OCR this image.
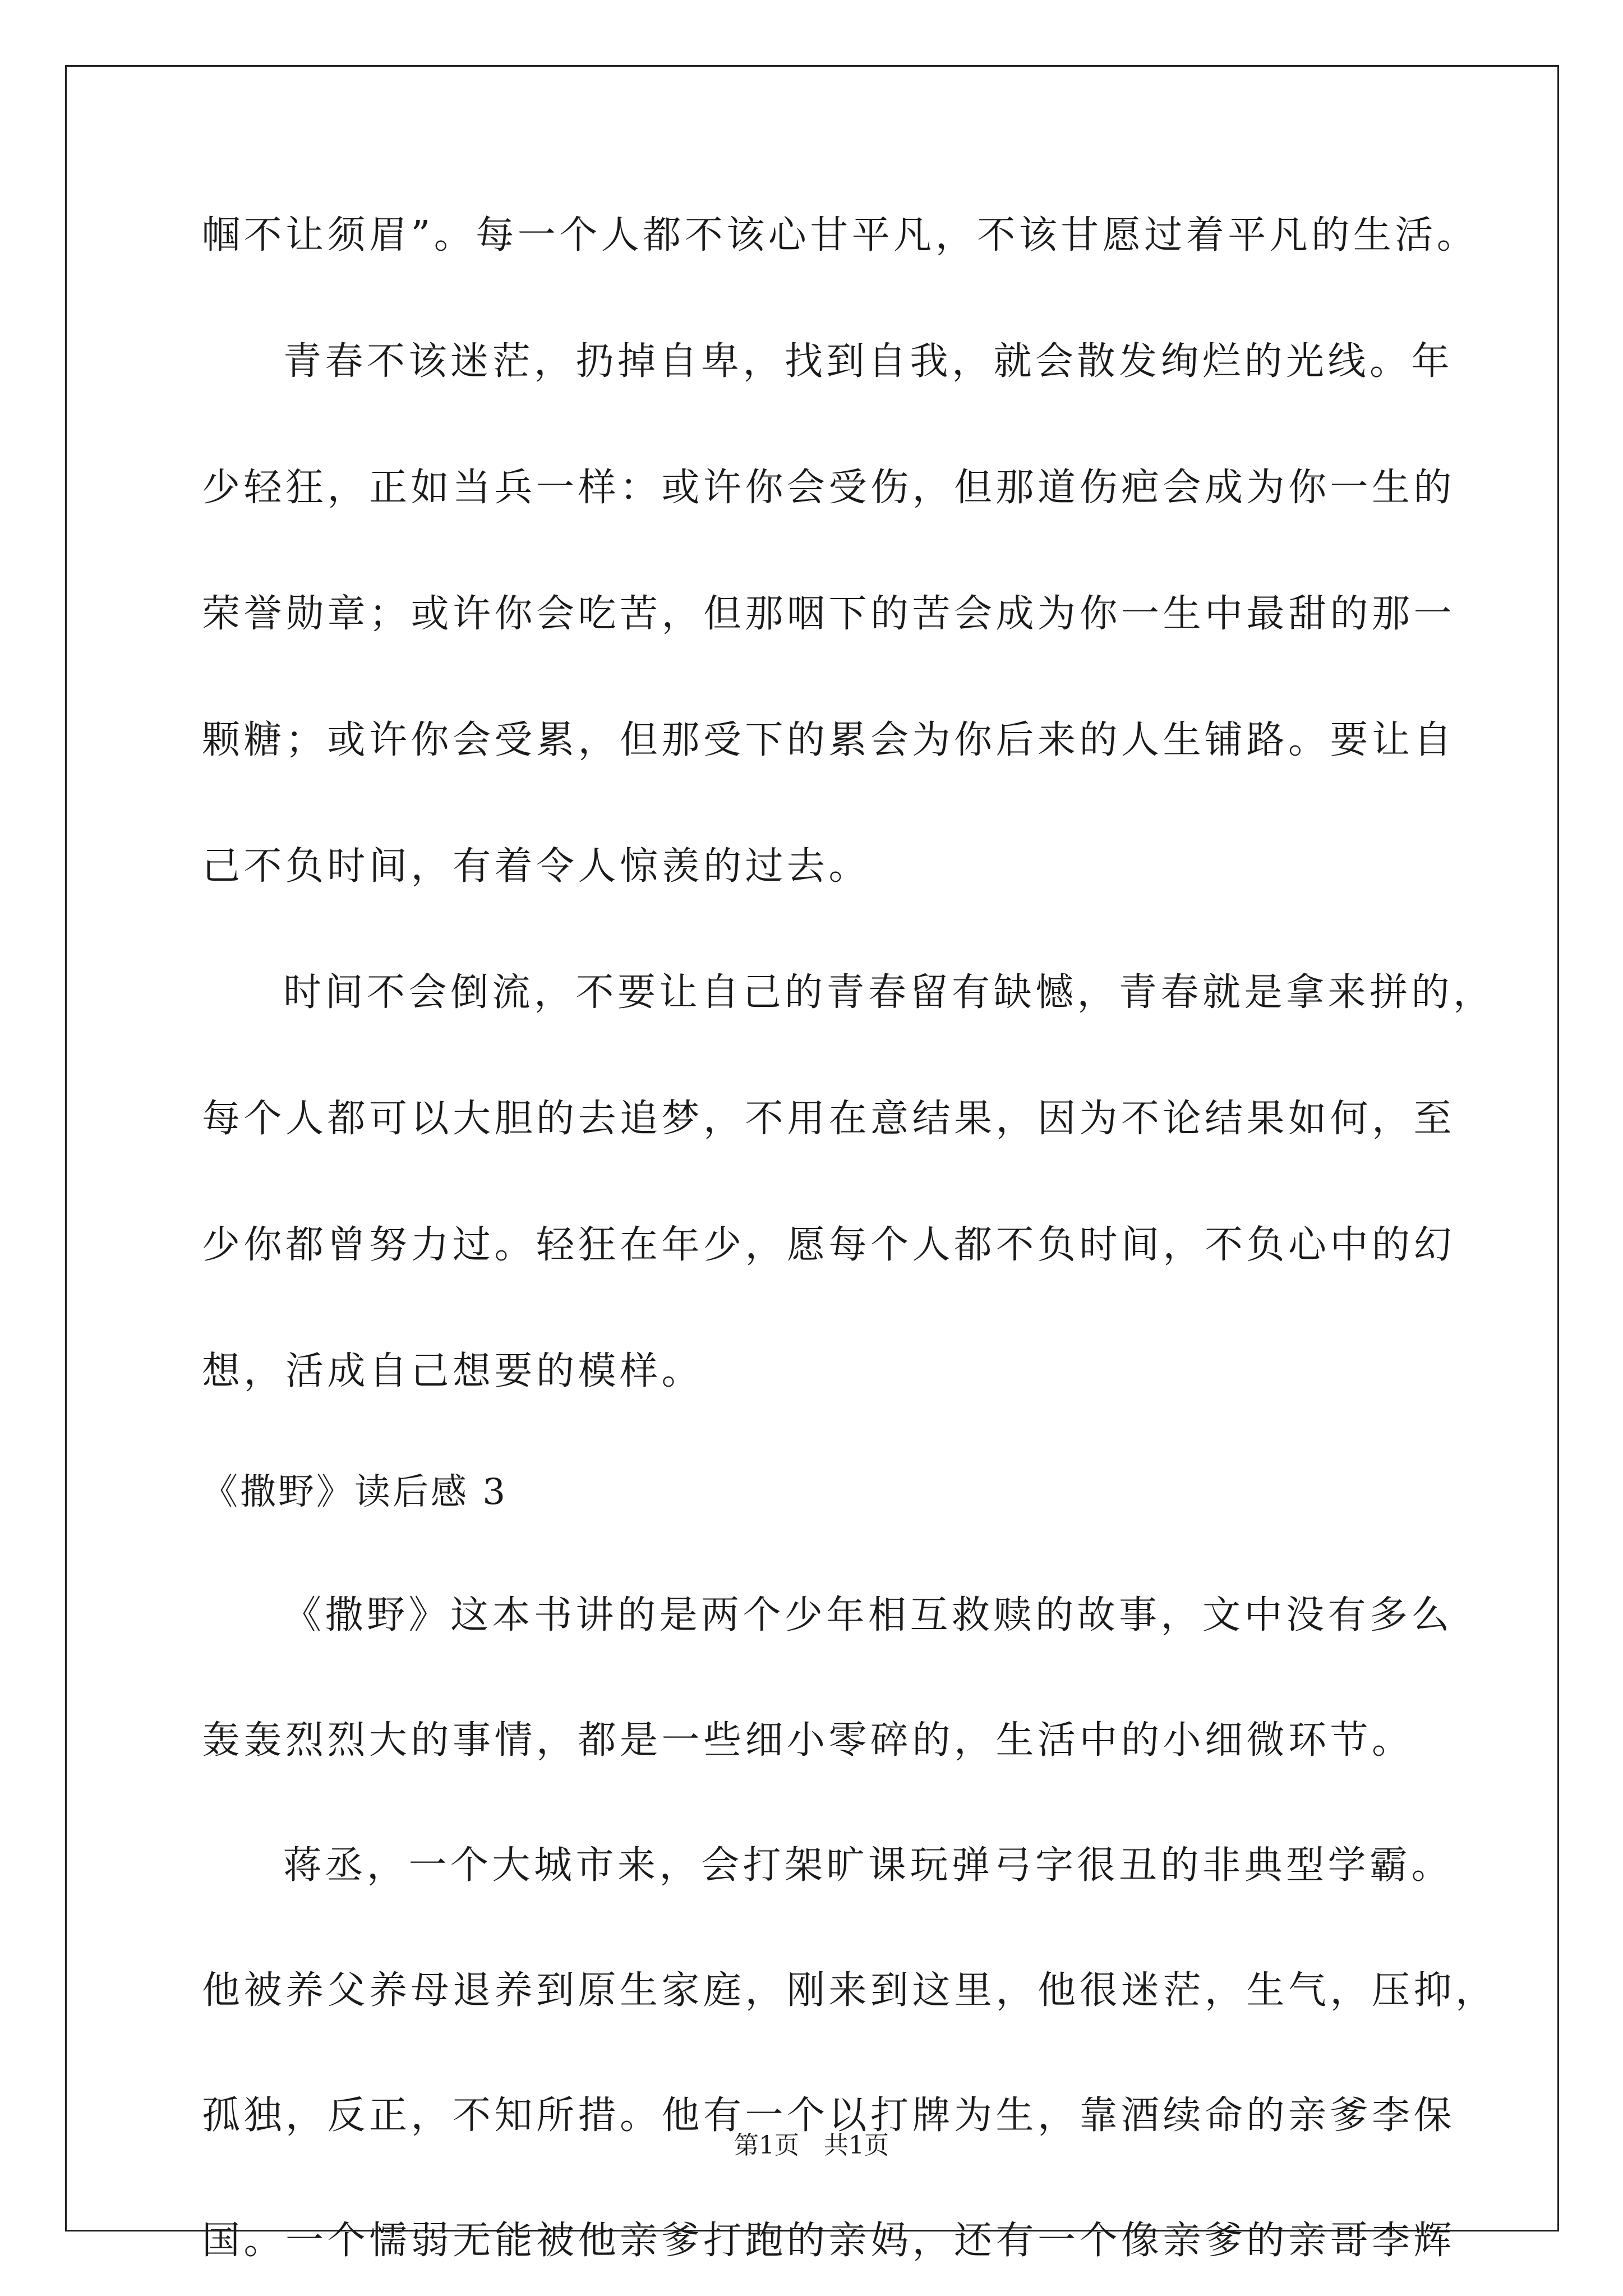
帼不让须眉”。每一个人都不该心甘平凡，不该甘愿过着平凡的生活。
青春不该迷茫，扔掉自卑，找到自我，就会散发绚烂的光线。年
少轻狂，正如当兵一样：或许你会受伤，但那道伤疤会成为你一生的
荣誉勋章；或许你会吃苦，但那咽下的苦会成为你一生中最甜的那一
颗糖；或许你会受累，但那受下的累会为你后来的人生铺路。要让自
己不负时间，有着令人惊羡的过去。
时间不会倒流，不要让自己的青春留有缺憾，青春就是拿来拼的，
每个人都可以大胆的去追梦，不用在意结果，因为不论结果如何，至
少你都曾努力过。轻狂在年少，愿每个人都不负时间，不负心中的幻
想，活成自己想要的模样。
《撒野》读后感 3
《撒野》这本书讲的是两个少年相互救赎的故事，文中没有多么
轰轰烈烈大的事情，都是一些细小零碎的，生活中的小细微环节。
蒋丞，一个大城市来，会打架旷课玩弹弓字很丑的非典型学霸。
他被养父养母退养到原生家庭，刚来到这里，他很迷茫，生气，压抑，
孤独，反正，不知所措。他有一个以打牌为生，靠酒续命的亲爹李保
国。一个懦弱无能被他亲爹打跑的亲妈，还有一个像亲爹的亲哥李辉
第1页　共1页
